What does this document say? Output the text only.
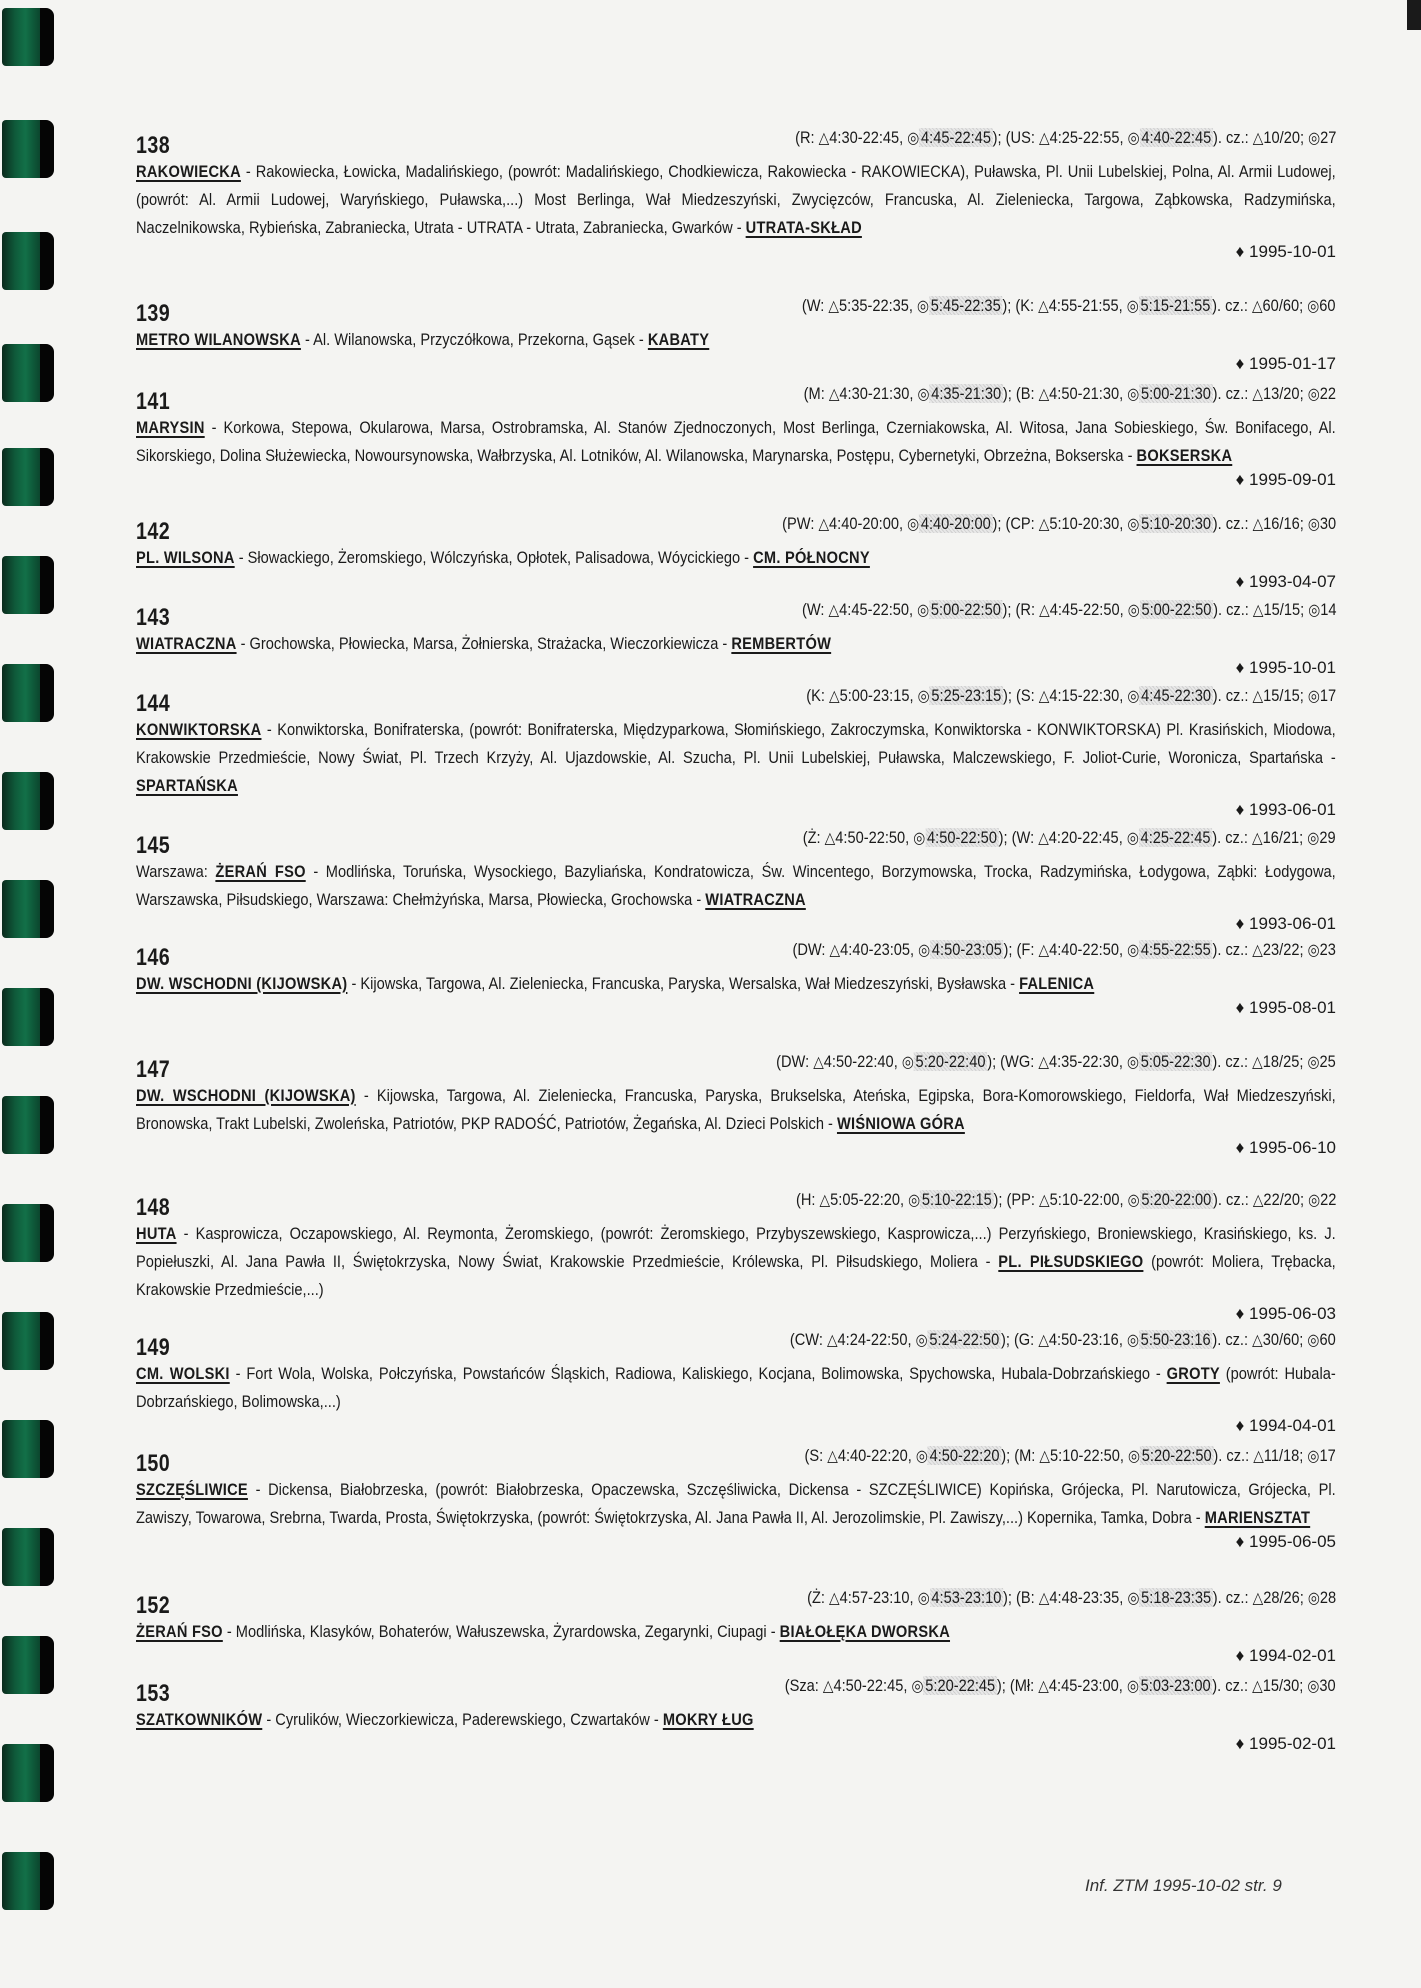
138	(R: △4:30-22:45, ◎4:45-22:45 ); (US: △4:25-22:55, ◎4:40-22:45 ). cz.: △10/20; ◎27
RAKOWIECKA - Rakowiecka, Łowicka, Madalińskiego, (powrót: Madalińskiego, Chodkiewicza, Rakowiecka - RAKOWIECKA), Puławska, Pl. Unii Lubelskiej, Polna, Al. Armii Ludowej, (powrót: Al. Armii Ludowej, Waryńskiego, Puławska,...) Most Berlinga, Wał Miedzeszyński, Zwycięzców, Francuska, Al. Zieleniecka, Targowa, Ząbkowska, Radzymińska, Naczelnikowska, Rybieńska, Zabraniecka, Utrata - UTRATA - Utrata, Zabraniecka, Gwarków - UTRATA-SKŁAD
♦ 1995-10-01
139	(W: △5:35-22:35, ◎5:45-22:35 ); (K: △4:55-21:55, ◎5:15-21:55 ). cz.: △60/60; ◎60
METRO WILANOWSKA - Al. Wilanowska, Przyczółkowa, Przekorna, Gąsek - KABATY
♦ 1995-01-17
141	(M: △4:30-21:30, ◎4:35-21:30 ); (B: △4:50-21:30, ◎5:00-21:30 ). cz.: △13/20; ◎22
MARYSIN - Korkowa, Stepowa, Okularowa, Marsa, Ostrobramska, Al. Stanów Zjednoczonych, Most Berlinga, Czerniakowska, Al. Witosa, Jana Sobieskiego, Św. Bonifacego, Al. Sikorskiego, Dolina Służewiecka, Nowoursynowska, Wałbrzyska, Al. Lotników, Al. Wilanowska, Marynarska, Postępu, Cybernetyki, Obrzeżna, Bokserska - BOKSERSKA
♦ 1995-09-01
142	(PW: △4:40-20:00, ◎4:40-20:00 ); (CP: △5:10-20:30, ◎5:10-20:30 ). cz.: △16/16; ◎30
PL. WILSONA - Słowackiego, Żeromskiego, Wólczyńska, Opłotek, Palisadowa, Wóycickiego - CM. PÓŁNOCNY
♦ 1993-04-07
143	(W: △4:45-22:50, ◎5:00-22:50 ); (R: △4:45-22:50, ◎5:00-22:50 ). cz.: △15/15; ◎14
WIATRACZNA - Grochowska, Płowiecka, Marsa, Żołnierska, Strażacka, Wieczorkiewicza - REMBERTÓW
♦ 1995-10-01
144	(K: △5:00-23:15, ◎5:25-23:15 ); (S: △4:15-22:30, ◎4:45-22:30 ). cz.: △15/15; ◎17
KONWIKTORSKA - Konwiktorska, Bonifraterska, (powrót: Bonifraterska, Międzyparkowa, Słomińskiego, Zakroczymska, Konwiktorska - KONWIKTORSKA) Pl. Krasińskich, Miodowa, Krakowskie Przedmieście, Nowy Świat, Pl. Trzech Krzyży, Al. Ujazdowskie, Al. Szucha, Pl. Unii Lubelskiej, Puławska, Malczewskiego, F. Joliot-Curie, Woronicza, Spartańska - SPARTAŃSKA
♦ 1993-06-01
145	(Ż: △4:50-22:50, ◎4:50-22:50 ); (W: △4:20-22:45, ◎4:25-22:45 ). cz.: △16/21; ◎29
Warszawa: ŻERAŃ FSO - Modlińska, Toruńska, Wysockiego, Bazyliańska, Kondratowicza, Św. Wincentego, Borzymowska, Trocka, Radzymińska, Łodygowa, Ząbki: Łodygowa, Warszawska, Piłsudskiego, Warszawa: Chełmżyńska, Marsa, Płowiecka, Grochowska - WIATRACZNA
♦ 1993-06-01
146	(DW: △4:40-23:05, ◎4:50-23:05 ); (F: △4:40-22:50, ◎4:55-22:55 ). cz.: △23/22; ◎23
DW. WSCHODNI (KIJOWSKA) - Kijowska, Targowa, Al. Zieleniecka, Francuska, Paryska, Wersalska, Wał Miedzeszyński, Bysławska - FALENICA
♦ 1995-08-01
147	(DW: △4:50-22:40, ◎5:20-22:40 ); (WG: △4:35-22:30, ◎5:05-22:30 ). cz.: △18/25; ◎25
DW. WSCHODNI (KIJOWSKA) - Kijowska, Targowa, Al. Zieleniecka, Francuska, Paryska, Brukselska, Ateńska, Egipska, Bora-Komorowskiego, Fieldorfa, Wał Miedzeszyński, Bronowska, Trakt Lubelski, Zwoleńska, Patriotów, PKP RADOŚĆ, Patriotów, Żegańska, Al. Dzieci Polskich - WIŚNIOWA GÓRA
♦ 1995-06-10
148	(H: △5:05-22:20, ◎5:10-22:15 ); (PP: △5:10-22:00, ◎5:20-22:00 ). cz.: △22/20; ◎22
HUTA - Kasprowicza, Oczapowskiego, Al. Reymonta, Żeromskiego, (powrót: Żeromskiego, Przybyszewskiego, Kasprowicza,...) Perzyńskiego, Broniewskiego, Krasińskiego, ks. J. Popiełuszki, Al. Jana Pawła II, Świętokrzyska, Nowy Świat, Krakowskie Przedmieście, Królewska, Pl. Piłsudskiego, Moliera - PL. PIŁSUDSKIEGO (powrót: Moliera, Trębacka, Krakowskie Przedmieście,...)
♦ 1995-06-03
149	(CW: △4:24-22:50, ◎5:24-22:50 ); (G: △4:50-23:16, ◎5:50-23:16 ). cz.: △30/60; ◎60
CM. WOLSKI - Fort Wola, Wolska, Połczyńska, Powstańców Śląskich, Radiowa, Kaliskiego, Kocjana, Bolimowska, Spychowska, Hubala-Dobrzańskiego - GROTY (powrót: Hubala-Dobrzańskiego, Bolimowska,...)
♦ 1994-04-01
150	(S: △4:40-22:20, ◎4:50-22:20 ); (M: △5:10-22:50, ◎5:20-22:50 ). cz.: △11/18; ◎17
SZCZĘŚLIWICE - Dickensa, Białobrzeska, (powrót: Białobrzeska, Opaczewska, Szczęśliwicka, Dickensa - SZCZĘŚLIWICE) Kopińska, Grójecka, Pl. Narutowicza, Grójecka, Pl. Zawiszy, Towarowa, Srebrna, Twarda, Prosta, Świętokrzyska, (powrót: Świętokrzyska, Al. Jana Pawła II, Al. Jerozolimskie, Pl. Zawiszy,...) Kopernika, Tamka, Dobra - MARIENSZTAT
♦ 1995-06-05
152	(Ż: △4:57-23:10, ◎4:53-23:10 ); (B: △4:48-23:35, ◎5:18-23:35 ). cz.: △28/26; ◎28
ŻERAŃ FSO - Modlińska, Klasyków, Bohaterów, Wałuszewska, Żyrardowska, Zegarynki, Ciupagi - BIAŁOŁĘKA DWORSKA
♦ 1994-02-01
153	(Sza: △4:50-22:45, ◎5:20-22:45 ); (Mł: △4:45-23:00, ◎5:03-23:00 ). cz.: △15/30; ◎30
SZATKOWNIKÓW - Cyrulików, Wieczorkiewicza, Paderewskiego, Czwartaków - MOKRY ŁUG
♦ 1995-02-01
Inf. ZTM 1995-10-02 str. 9
